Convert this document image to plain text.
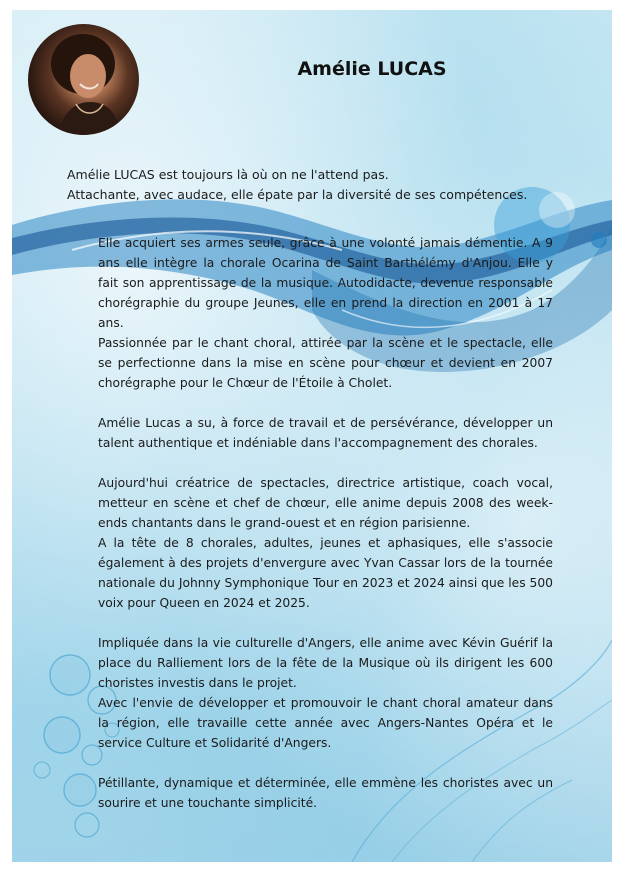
Amélie LUCAS

Amélie LUCAS est toujours là où on ne l'attend pas.

Attachante, avec audace, elle épate par la diversité de ses compétences.

Elle acquiert ses armes seule, grâce à une volonté jamais démentie. A 9 ans elle intègre la chorale Ocarina de Saint Barthélémy d'Anjou. Elle y fait son apprentissage de la musique. Autodidacte, devenue responsable chorégraphie du groupe Jeunes, elle en prend la direction en 2001 à 17 ans.

Passionnée par le chant choral, attirée par la scène et le spectacle, elle se perfectionne dans la mise en scène pour chœur et devient en 2007 chorégraphe pour le Chœur de l'Étoile à Cholet.

Amélie Lucas a su, à force de travail et de persévérance, développer un talent authentique et indéniable dans l'accompagnement des chorales.

Aujourd'hui créatrice de spectacles, directrice artistique, coach vocal, metteur en scène et chef de chœur, elle anime depuis 2008 des week-ends chantants dans le grand-ouest et en région parisienne.

A la tête de 8 chorales, adultes, jeunes et aphasiques, elle s'associe également à des projets d'envergure avec Yvan Cassar lors de la tournée nationale du Johnny Symphonique Tour en 2023 et 2024 ainsi que les 500 voix pour Queen en 2024 et 2025.

Impliquée dans la vie culturelle d'Angers, elle anime avec Kévin Guérif la place du Ralliement lors de la fête de la Musique où ils dirigent les 600 choristes investis dans le projet.

Avec l'envie de développer et promouvoir le chant choral amateur dans la région, elle travaille cette année avec Angers-Nantes Opéra et le service Culture et Solidarité d'Angers.

Pétillante, dynamique et déterminée, elle emmène les choristes avec un sourire et une touchante simplicité.
